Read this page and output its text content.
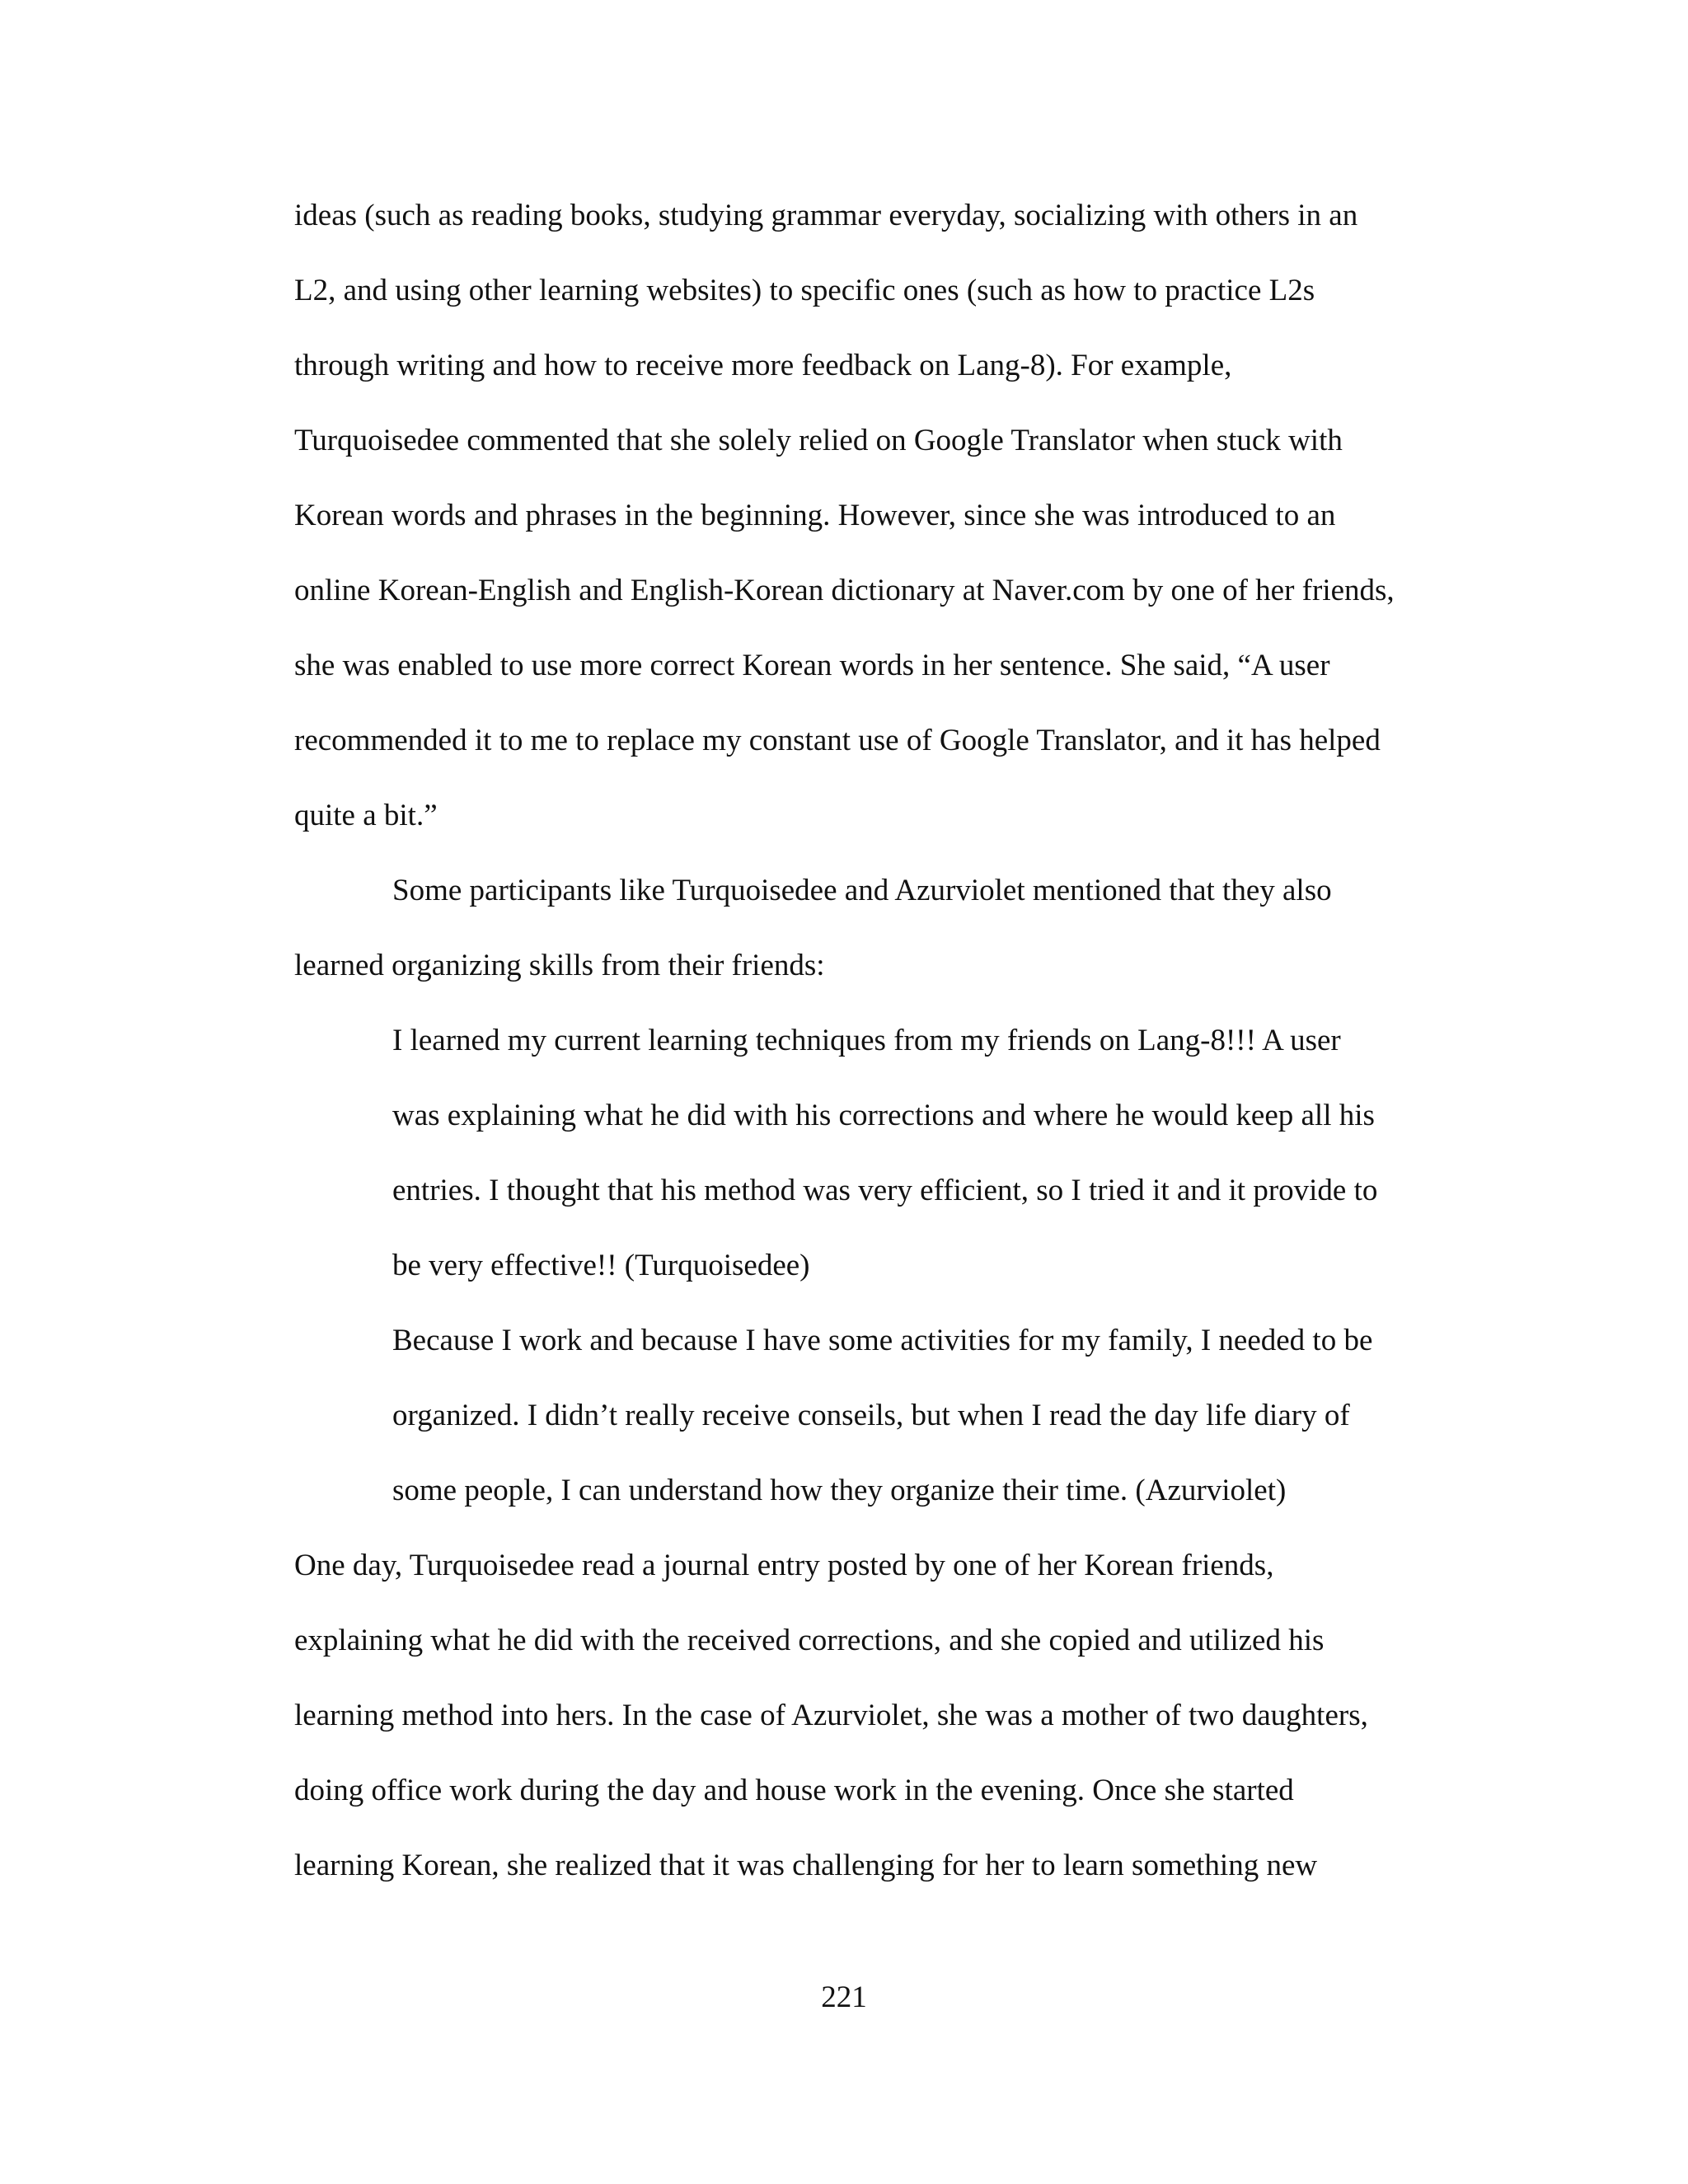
ideas (such as reading books, studying grammar everyday, socializing with others in an
L2, and using other learning websites) to specific ones (such as how to practice L2s
through writing and how to receive more feedback on Lang-8). For example,
Turquoisedee commented that she solely relied on Google Translator when stuck with
Korean words and phrases in the beginning. However, since she was introduced to an
online Korean-English and English-Korean dictionary at Naver.com by one of her friends,
she was enabled to use more correct Korean words in her sentence. She said, “A user
recommended it to me to replace my constant use of Google Translator, and it has helped
quite a bit.”
Some participants like Turquoisedee and Azurviolet mentioned that they also
learned organizing skills from their friends:
I learned my current learning techniques from my friends on Lang-8!!! A user
was explaining what he did with his corrections and where he would keep all his
entries. I thought that his method was very efficient, so I tried it and it provide to
be very effective!! (Turquoisedee)
Because I work and because I have some activities for my family, I needed to be
organized. I didn’t really receive conseils, but when I read the day life diary of
some people, I can understand how they organize their time. (Azurviolet)
One day, Turquoisedee read a journal entry posted by one of her Korean friends,
explaining what he did with the received corrections, and she copied and utilized his
learning method into hers. In the case of Azurviolet, she was a mother of two daughters,
doing office work during the day and house work in the evening. Once she started
learning Korean, she realized that it was challenging for her to learn something new
221
